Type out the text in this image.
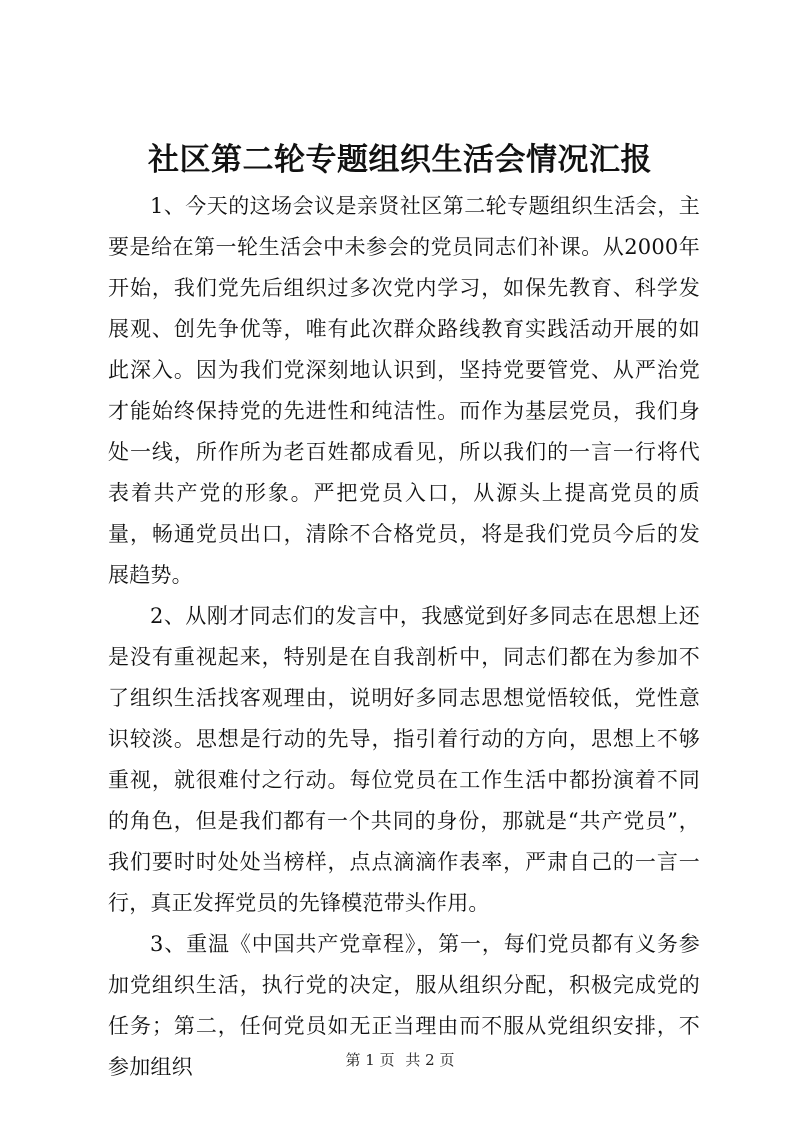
社区第二轮专题组织生活会情况汇报

1、今天的这场会议是亲贤社区第二轮专题组织生活会，主要是给在第一轮生活会中未参会的党员同志们补课。从2000年开始，我们党先后组织过多次党内学习，如保先教育、科学发展观、创先争优等，唯有此次群众路线教育实践活动开展的如此深入。因为我们党深刻地认识到，坚持党要管党、从严治党才能始终保持党的先进性和纯洁性。而作为基层党员，我们身处一线，所作所为老百姓都成看见，所以我们的一言一行将代表着共产党的形象。严把党员入口，从源头上提高党员的质量，畅通党员出口，清除不合格党员，将是我们党员今后的发展趋势。

2、从刚才同志们的发言中，我感觉到好多同志在思想上还是没有重视起来，特别是在自我剖析中，同志们都在为参加不了组织生活找客观理由，说明好多同志思想觉悟较低，党性意识较淡。思想是行动的先导，指引着行动的方向，思想上不够重视，就很难付之行动。每位党员在工作生活中都扮演着不同的角色，但是我们都有一个共同的身份，那就是“共产党员”，我们要时时处处当榜样，点点滴滴作表率，严肃自己的一言一行，真正发挥党员的先锋模范带头作用。

3、重温《中国共产党章程》，第一，每们党员都有义务参加党组织生活，执行党的决定，服从组织分配，积极完成党的任务；第二，任何党员如无正当理由而不服从党组织安排，不参加组织	第 1 页 共 2 页
